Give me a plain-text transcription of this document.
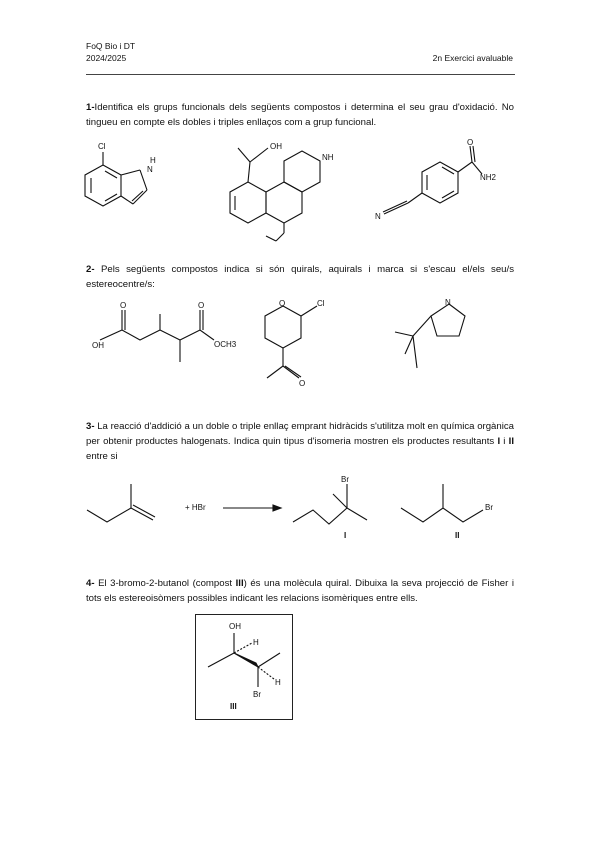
FoQ Bio i DT
2024/2025	2n Exercici avaluable
1-Identifica els grups funcionals dels següents compostos i determina el seu grau d'oxidació. No tingueu en compte els dobles i triples enllaços com a grup funcional.
Cl
H
N
OH
NH
O
NH2
N
2- Pels següents compostos indica si són quirals, aquirals i marca si s'escau el/els seu/s estereocentre/s:
O
OH
O
OCH3
O	Cl
O
N
3- La reacció d'addició a un doble o triple enllaç emprant hidràcids s'utilitza molt en química orgànica per obtenir productes halogenats. Indica quin tipus d'isomeria mostren els productes resultants I i II entre si
+ HBr
Br
I
Br
II
4- El 3-bromo-2-butanol (compost III) és una molècula quiral. Dibuixa la seva projecció de Fisher i tots els estereoisòmers possibles indicant les relacions isomèriques entre ells.
OH
H
H
Br
III
